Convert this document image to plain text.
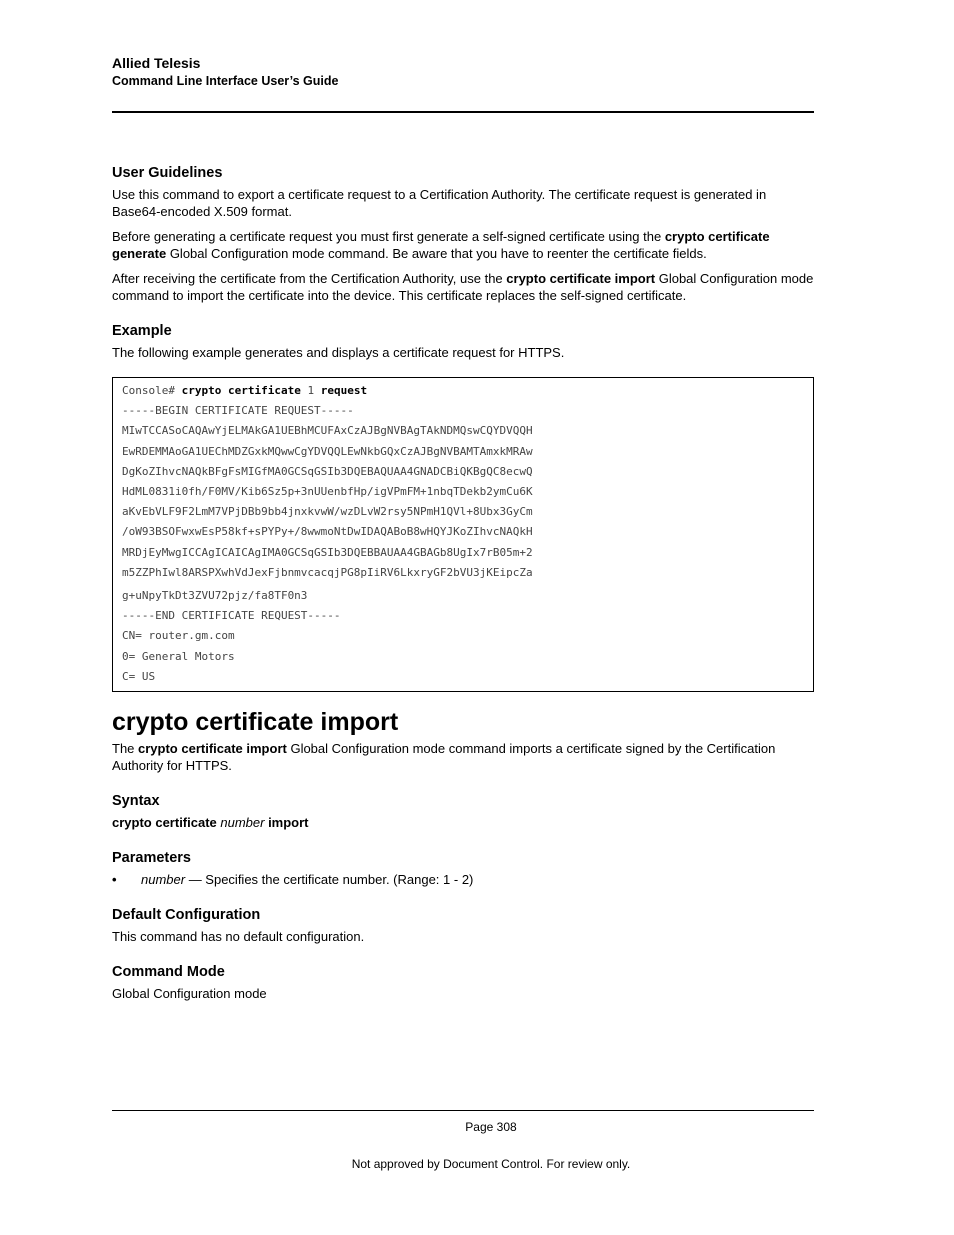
Allied Telesis
Command Line Interface User’s Guide
User Guidelines

Use this command to export a certificate request to a Certification Authority. The certificate request is generated in Base64-encoded X.509 format.

Before generating a certificate request you must first generate a self-signed certificate using the crypto certificate generate Global Configuration mode command. Be aware that you have to reenter the certificate fields.

After receiving the certificate from the Certification Authority, use the crypto certificate import Global Configuration mode command to import the certificate into the device. This certificate replaces the self-signed certificate.

Example

The following example generates and displays a certificate request for HTTPS.

Console# crypto certificate 1 request
-----BEGIN CERTIFICATE REQUEST-----
MIwTCCASoCAQAwYjELMAkGA1UEBhMCUFAxCzAJBgNVBAgTAkNDMQswCQYDVQQH
EwRDEMMAoGA1UEChMDZGxkMQwwCgYDVQQLEwNkbGQxCzAJBgNVBAMTAmxkMRAw
DgKoZIhvcNAQkBFgFsMIGfMA0GCSqGSIb3DQEBAQUAA4GNADCBiQKBgQC8ecwQ
HdML0831i0fh/F0MV/Kib6Sz5p+3nUUenbfHp/igVPmFM+1nbqTDekb2ymCu6K
aKvEbVLF9F2LmM7VPjDBb9bb4jnxkvwW/wzDLvW2rsy5NPmH1QVl+8Ubx3GyCm
/oW93BSOFwxwEsP58kf+sPYPy+/8wwmoNtDwIDAQABoB8wHQYJKoZIhvcNAQkH
MRDjEyMwgICCAgICAICAgIMA0GCSqGSIb3DQEBBAUAA4GBAGb8UgIx7rB05m+2
m5ZZPhIwl8ARSPXwhVdJexFjbnmvcacqjPG8pIiRV6LkxryGF2bVU3jKEipcZa
g+uNpyTkDt3ZVU72pjz/fa8TF0n3
-----END CERTIFICATE REQUEST-----
CN= router.gm.com
0= General Motors
C= US
crypto certificate import

The crypto certificate import Global Configuration mode command imports a certificate signed by the Certification Authority for HTTPS.

Syntax
crypto certificate number import
Parameters
•	number — Specifies the certificate number. (Range: 1 - 2)
Default Configuration

This command has no default configuration.

Command Mode

Global Configuration mode

Page 308
Not approved by Document Control. For review only.
